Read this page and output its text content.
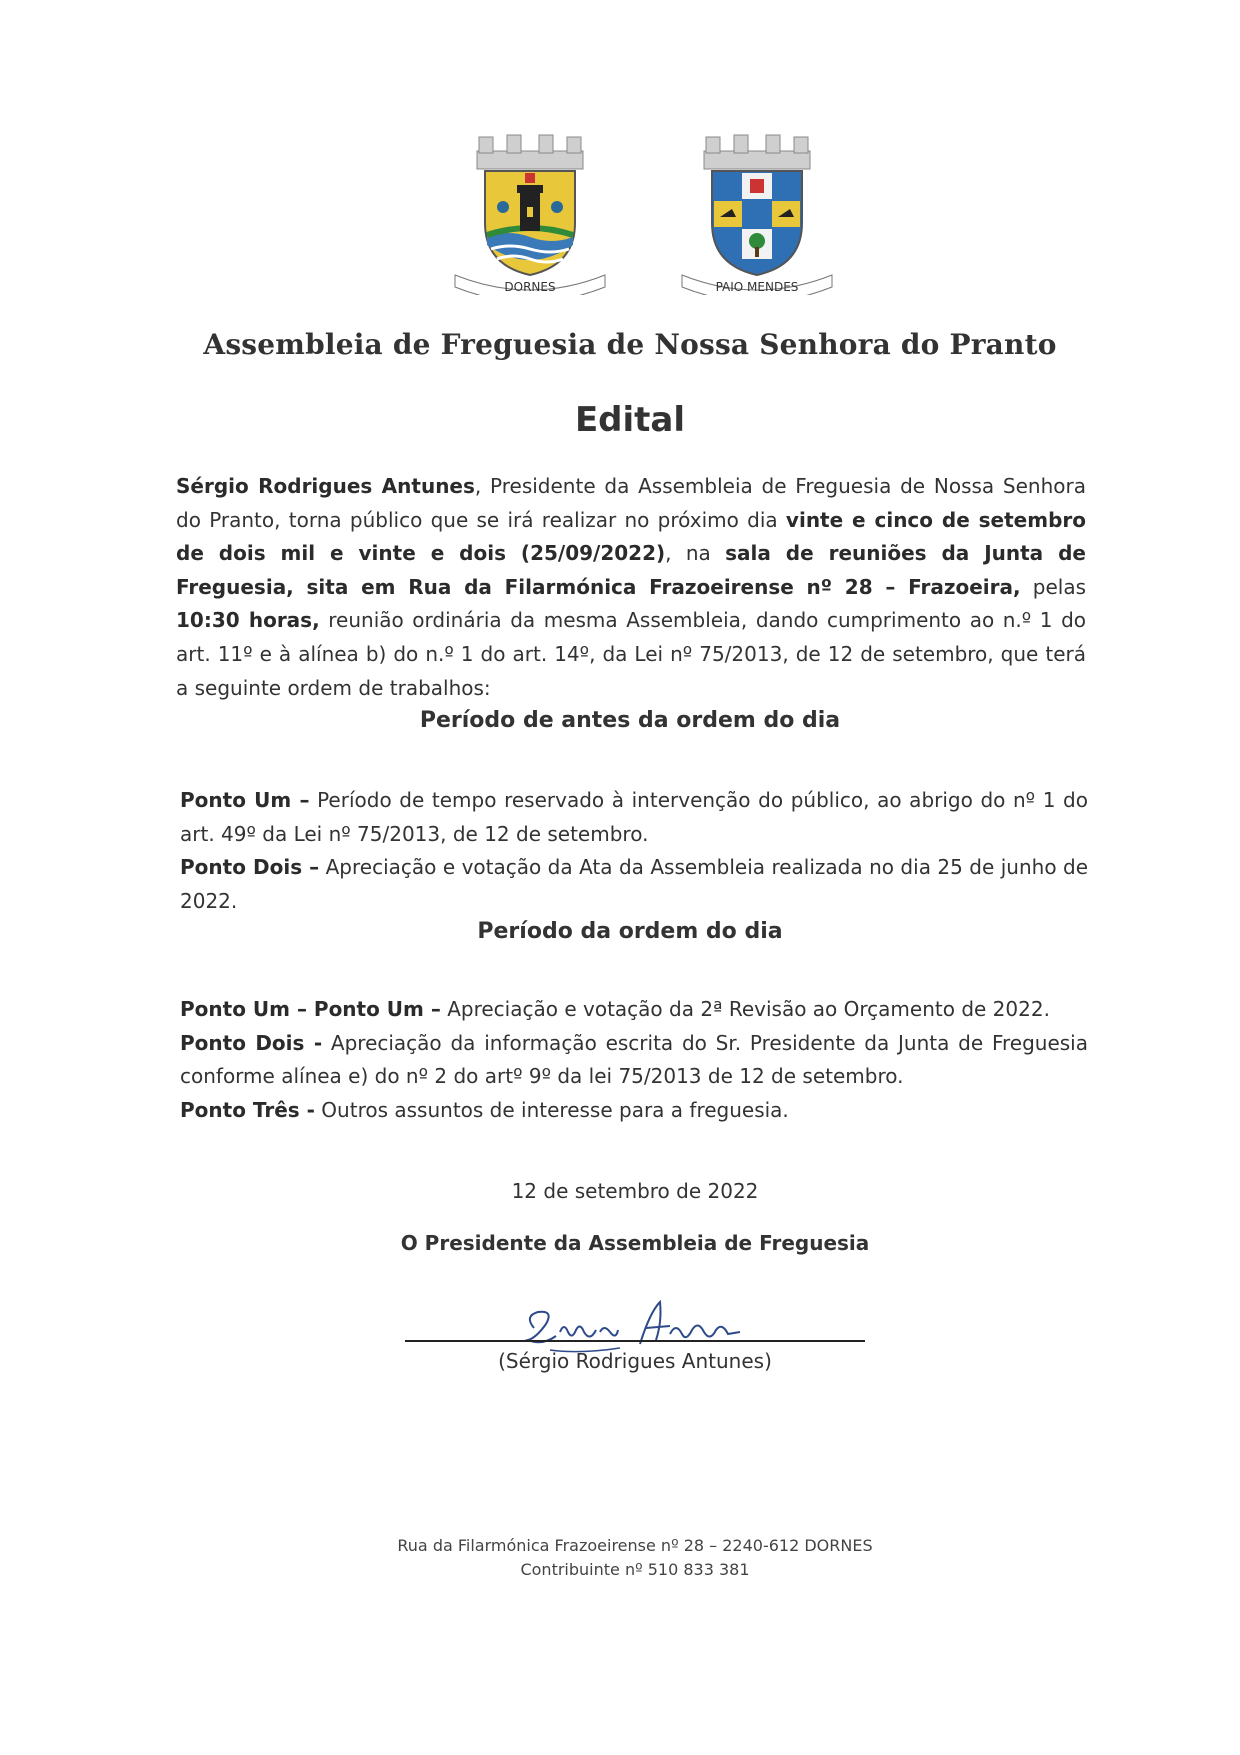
DORNES	PAIO MENDES
Assembleia de Freguesia de Nossa Senhora do Pranto
Edital
Sérgio Rodrigues Antunes, Presidente da Assembleia de Freguesia de Nossa Senhora do Pranto, torna público que se irá realizar no próximo dia vinte e cinco de setembro de dois mil e vinte e dois (25/09/2022), na sala de reuniões da Junta de Freguesia, sita em Rua da Filarmónica Frazoeirense nº 28 – Frazoeira, pelas 10:30 horas, reunião ordinária da mesma Assembleia, dando cumprimento ao n.º 1 do art. 11º e à alínea b) do n.º 1 do art. 14º, da Lei nº 75/2013, de 12 de setembro, que terá a seguinte ordem de trabalhos:
Período de antes da ordem do dia
Ponto Um – Período de tempo reservado à intervenção do público, ao abrigo do nº 1 do art. 49º da Lei nº 75/2013, de 12 de setembro.
Ponto Dois – Apreciação e votação da Ata da Assembleia realizada no dia 25 de junho de 2022.
Período da ordem do dia
Ponto Um – Ponto Um – Apreciação e votação da 2ª Revisão ao Orçamento de 2022.
Ponto Dois - Apreciação da informação escrita do Sr. Presidente da Junta de Freguesia conforme alínea e) do nº 2 do artº 9º da lei 75/2013 de 12 de setembro.
Ponto Três - Outros assuntos de interesse para a freguesia.
12 de setembro de 2022
O Presidente da Assembleia de Freguesia
(Sérgio Rodrigues Antunes)
Rua da Filarmónica Frazoeirense nº 28 – 2240-612 DORNES
Contribuinte nº 510 833 381
